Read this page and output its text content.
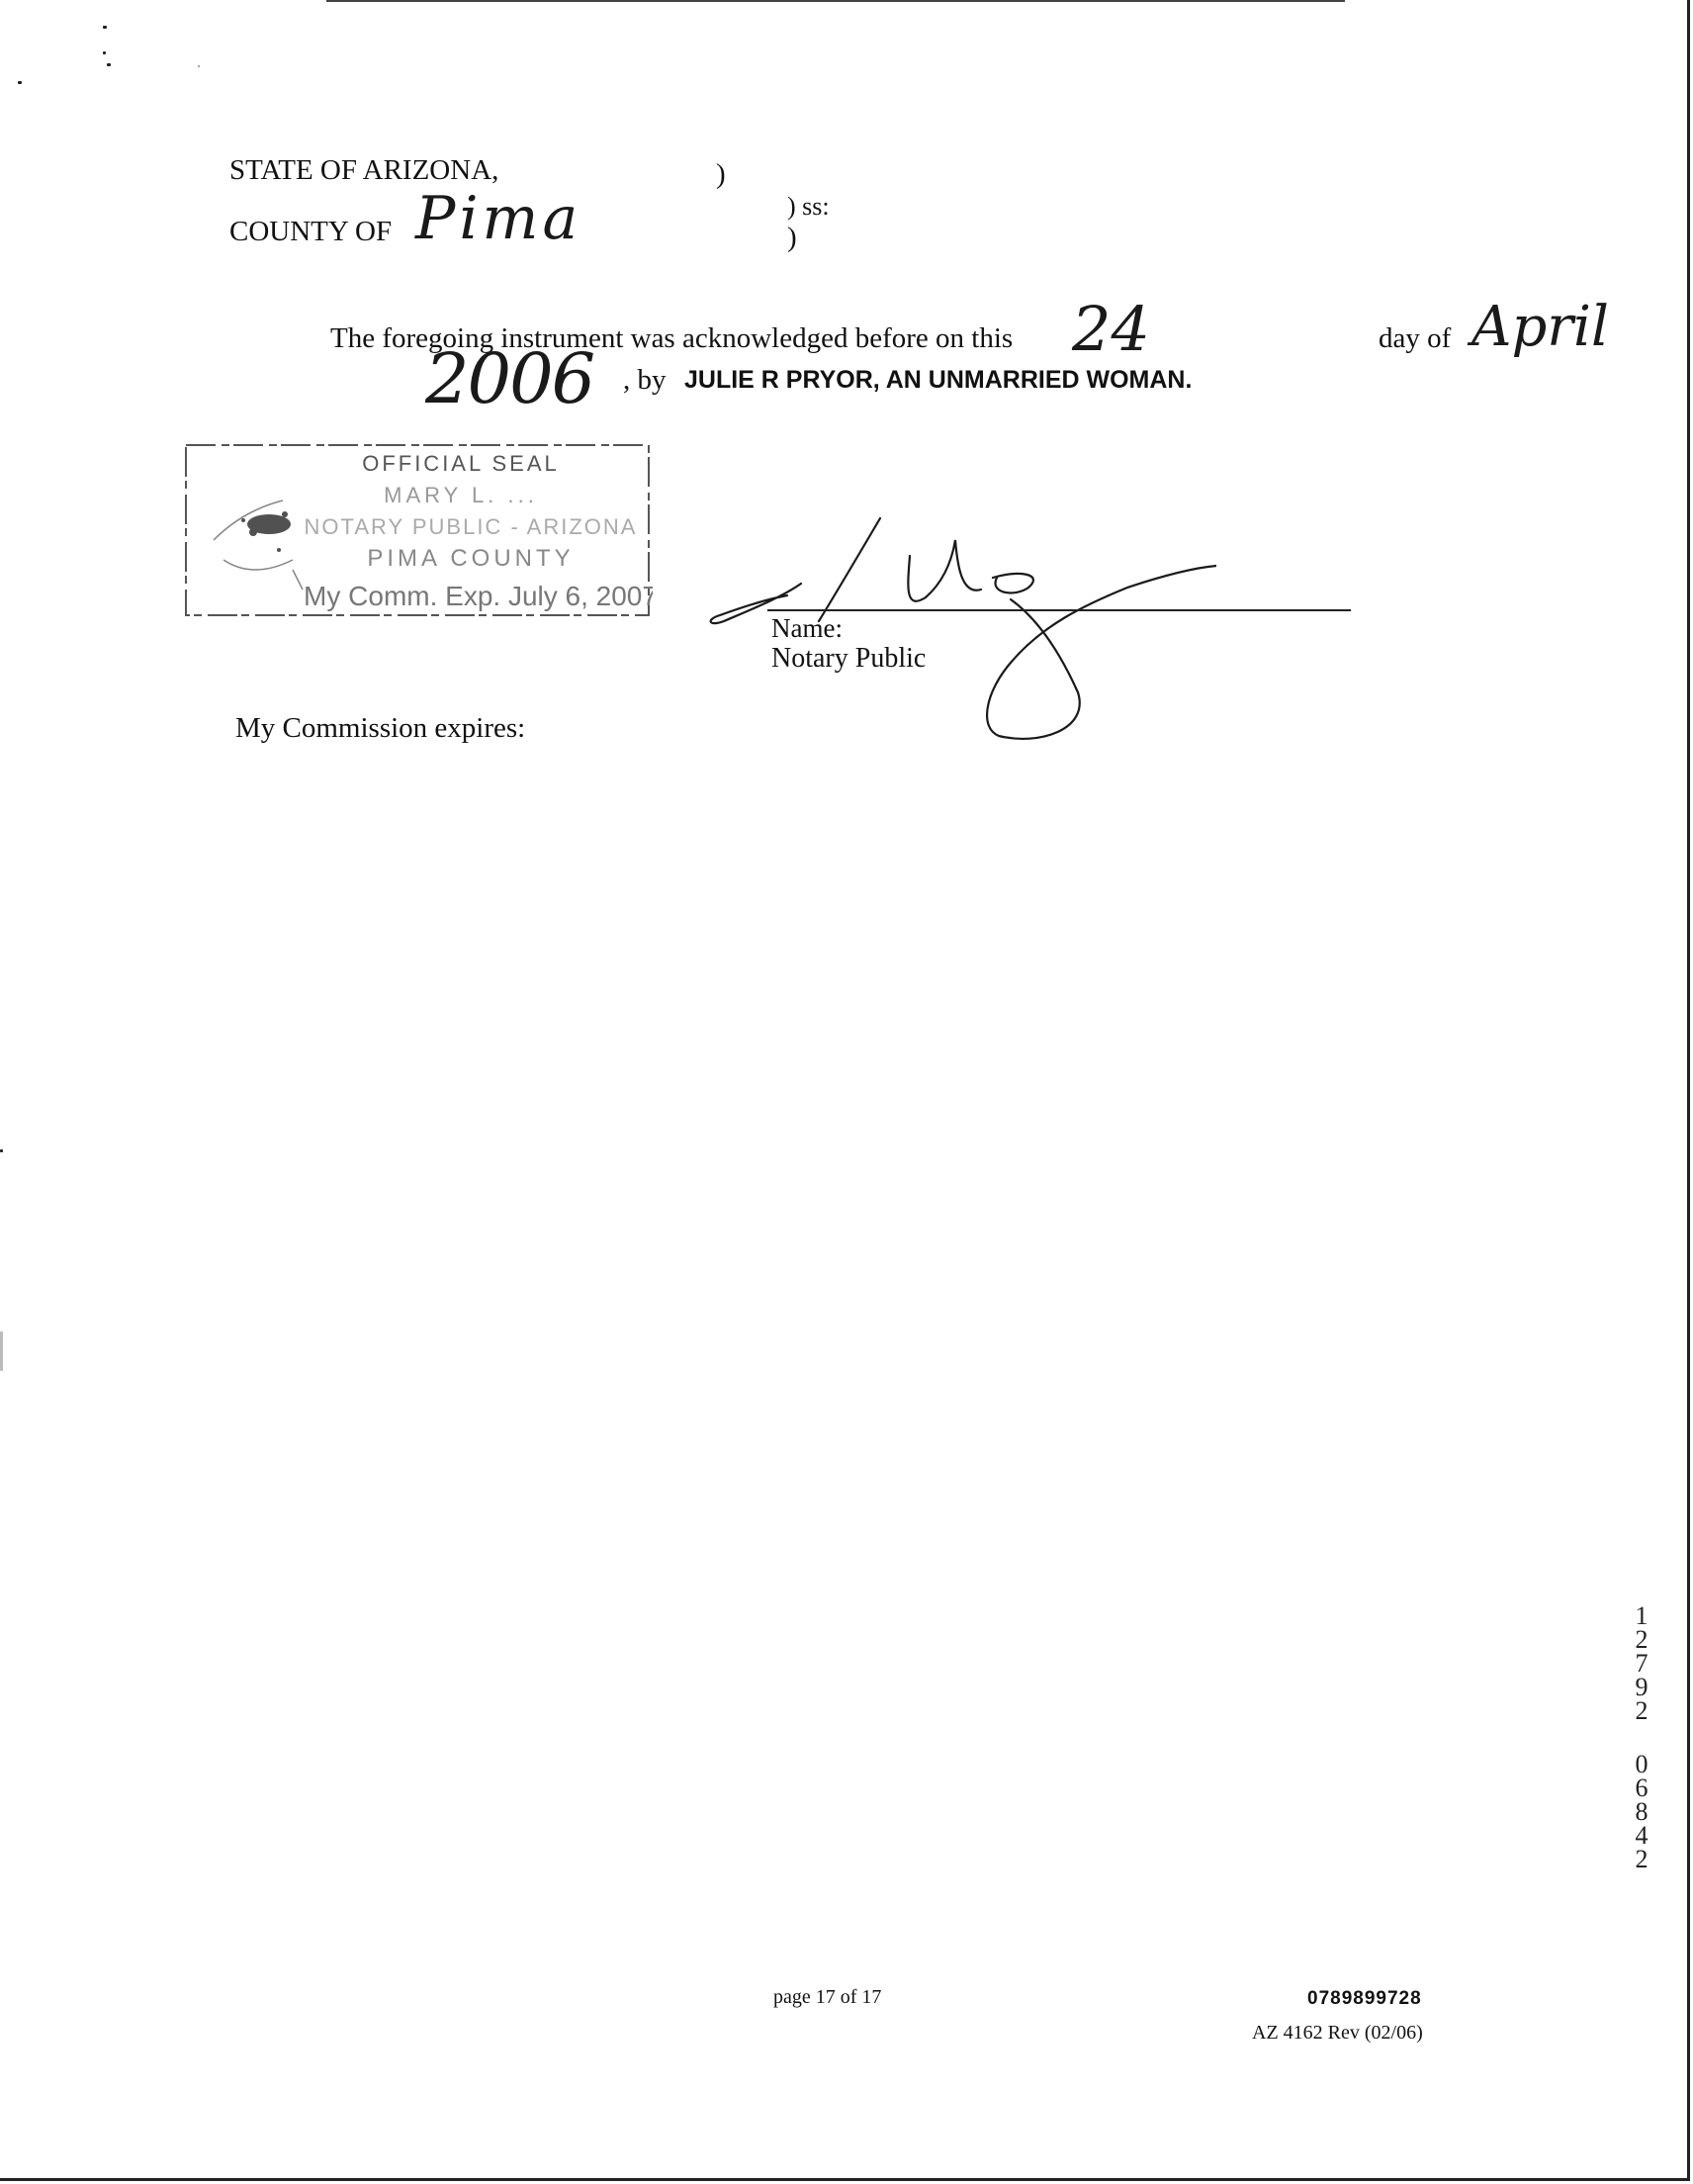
STATE OF ARIZONA,
COUNTY OF Pima
)
) ss:
)
The foregoing instrument was acknowledged before on this 24	day of April
2006 , by JULIE R PRYOR, AN UNMARRIED WOMAN.
OFFICIAL SEAL
MARY L. ...
NOTARY PUBLIC - ARIZONA
PIMA COUNTY
My Comm. Exp. July 6, 2007
Name:
Notary Public
My Commission expires:
1
2
7
9
2
0
6
8
4
2
page 17 of 17	0789899728
AZ 4162 Rev (02/06)
